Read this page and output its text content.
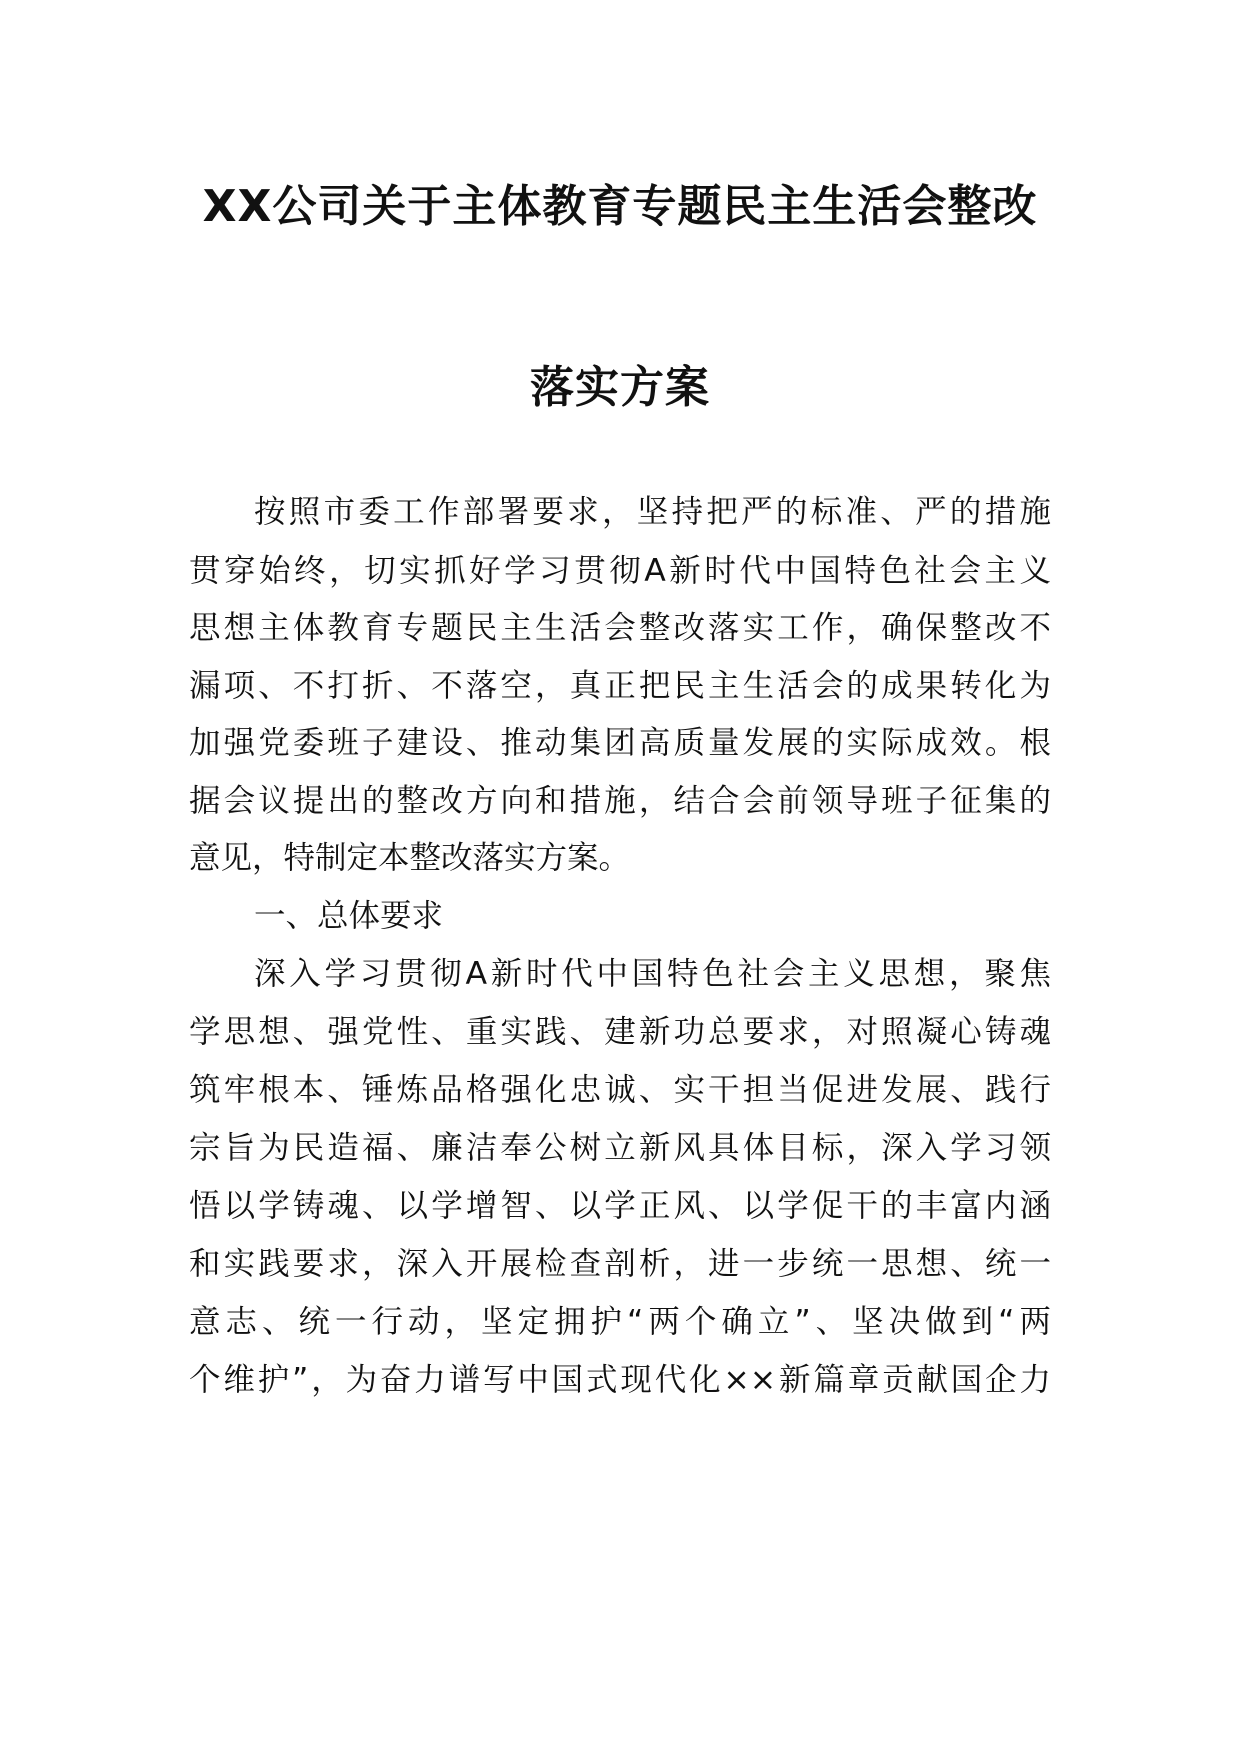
XX公司关于主体教育专题民主生活会整改
落实方案
按照市委工作部署要求，坚持把严的标准、严的措施
贯穿始终，切实抓好学习贯彻A新时代中国特色社会主义
思想主体教育专题民主生活会整改落实工作，确保整改不
漏项、不打折、不落空，真正把民主生活会的成果转化为
加强党委班子建设、推动集团高质量发展的实际成效。根
据会议提出的整改方向和措施，结合会前领导班子征集的
意见，特制定本整改落实方案。
一、总体要求
深入学习贯彻A新时代中国特色社会主义思想，聚焦
学思想、强党性、重实践、建新功总要求，对照凝心铸魂
筑牢根本、锤炼品格强化忠诚、实干担当促进发展、践行
宗旨为民造福、廉洁奉公树立新风具体目标，深入学习领
悟以学铸魂、以学增智、以学正风、以学促干的丰富内涵
和实践要求，深入开展检查剖析，进一步统一思想、统一
意志、统一行动，坚定拥护“两个确立”、坚决做到“两
个维护”，为奋力谱写中国式现代化××新篇章贡献国企力
